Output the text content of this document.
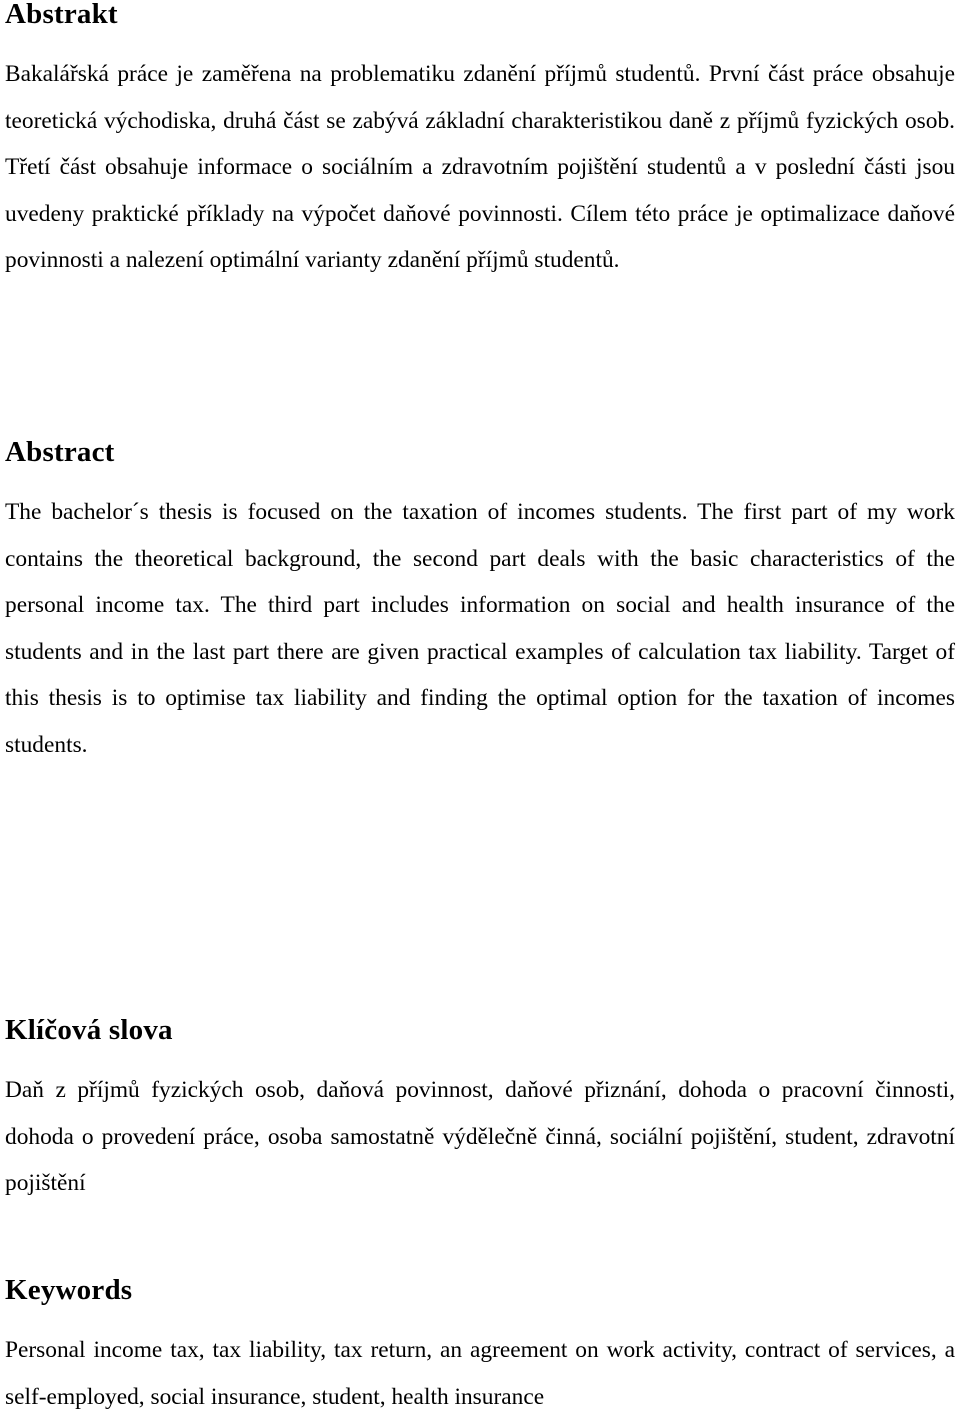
Abstrakt

Bakalářská práce je zaměřena na problematiku zdanění příjmů studentů. První část práce obsahuje teoretická východiska, druhá část se zabývá základní charakteristikou daně z příjmů fyzických osob. Třetí část obsahuje informace o sociálním a zdravotním pojištění studentů a v poslední části jsou uvedeny praktické příklady na výpočet daňové povinnosti. Cílem této práce je optimalizace daňové povinnosti a nalezení optimální varianty zdanění příjmů studentů.

Abstract

The bachelor´s thesis is focused on the taxation of incomes students. The first part of my work contains the theoretical background, the second part deals with the basic characteristics of the personal income tax. The third part includes information on social and health insurance of the students and in the last part there are given practical examples of calculation tax liability. Target of this thesis is to optimise tax liability and finding the optimal option for the taxation of incomes students.

Klíčová slova

Daň z příjmů fyzických osob, daňová povinnost, daňové přiznání, dohoda o pracovní činnosti, dohoda o provedení práce, osoba samostatně výdělečně činná, sociální pojištění, student, zdravotní pojištění

Keywords

Personal income tax, tax liability, tax return, an agreement on work activity, contract of services, a self-employed, social insurance, student, health insurance
